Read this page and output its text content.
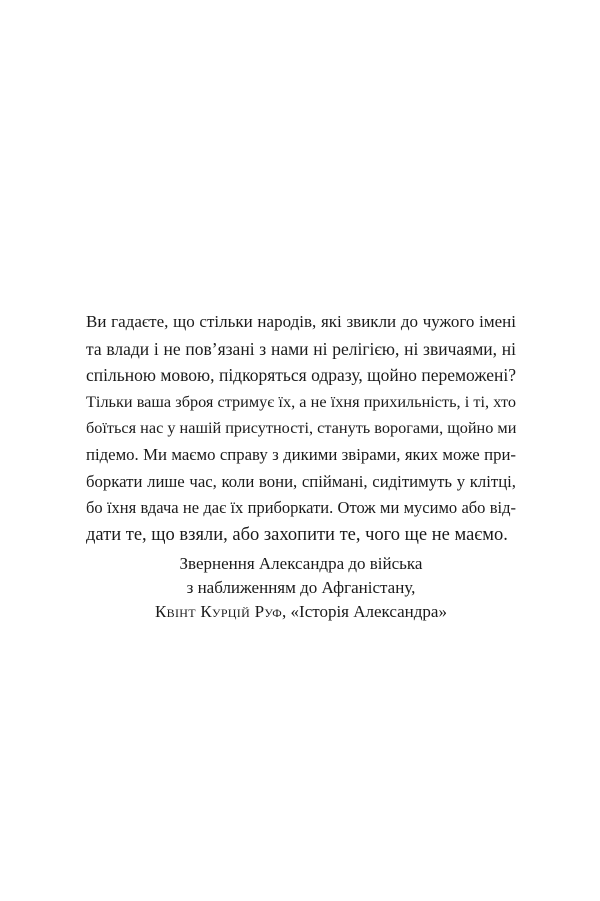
Ви гадаєте, що стільки народів, які звикли до чужого імені
та влади і не пов’язані з нами ні релігією, ні звичаями, ні
спільною мовою, підкоряться одразу, щойно переможені?
Тільки ваша зброя стримує їх, а не їхня прихильність, і ті, хто
боїться нас у нашій присутності, стануть ворогами, щойно ми
підемо. Ми маємо справу з дикими звірами, яких може при-
боркати лише час, коли вони, спіймані, сидітимуть у клітці,
бо їхня вдача не дає їх приборкати. Отож ми мусимо або від-
дати те, що взяли, або захопити те, чого ще не маємо.
Звернення Александра до війська
з наближенням до Афганістану,
Квінт Курцій Руф, «Історія Александра»
